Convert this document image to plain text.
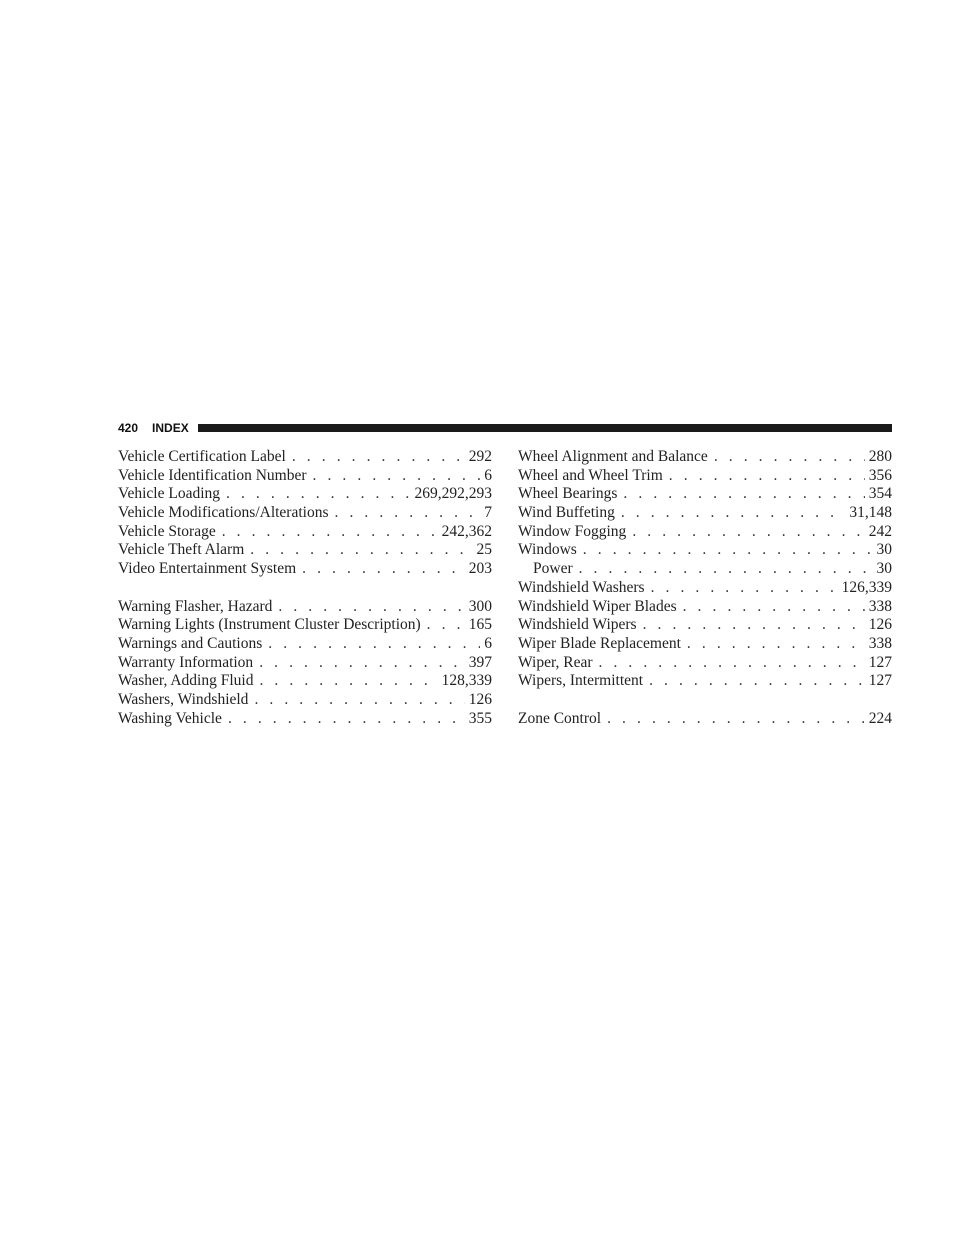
420 INDEX
Vehicle Certification Label . . .	292
Vehicle Identification Number . . .	6
Vehicle Loading . . .	269,292,293
Vehicle Modifications/Alterations . . .	7
Vehicle Storage . . .	242,362
Vehicle Theft Alarm . . .	25
Video Entertainment System . . .	203
Warning Flasher, Hazard . . .	300
Warning Lights (Instrument Cluster Description) . . .	165
Warnings and Cautions . . .	6
Warranty Information . . .	397
Washer, Adding Fluid . . .	128,339
Washers, Windshield . . .	126
Washing Vehicle . . .	355
Wheel Alignment and Balance . . .	280
Wheel and Wheel Trim . . .	356
Wheel Bearings . . .	354
Wind Buffeting . . .	31,148
Window Fogging . . .	242
Windows . . .	30
Power . . .	30
Windshield Washers . . .	126,339
Windshield Wiper Blades . . .	338
Windshield Wipers . . .	126
Wiper Blade Replacement . . .	338
Wiper, Rear . . .	127
Wipers, Intermittent . . .	127
Zone Control . . .	224
